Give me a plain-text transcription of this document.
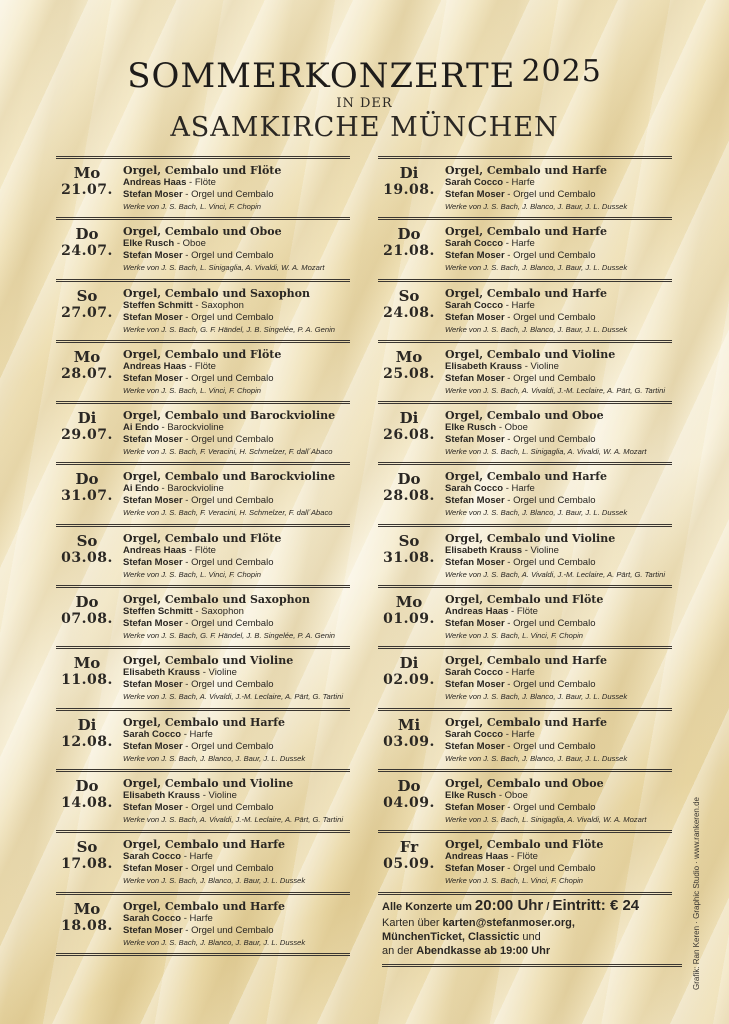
SOMMERKONZERTE 2025
IN DER
ASAMKIRCHE MÜNCHEN
Mo
21.07.
Orgel, Cembalo und Flöte
Andreas Haas - Flöte
Stefan Moser - Orgel und Cembalo
Werke von J. S. Bach, L. Vinci, F. Chopin
Do
24.07.
Orgel, Cembalo und Oboe
Elke Rusch - Oboe
Stefan Moser - Orgel und Cembalo
Werke von J. S. Bach, L. Sinigaglia, A. Vivaldi, W. A. Mozart
So
27.07.
Orgel, Cembalo und Saxophon
Steffen Schmitt - Saxophon
Stefan Moser - Orgel und Cembalo
Werke von J. S. Bach, G. F. Händel, J. B. Singelée, P. A. Genin
Mo
28.07.
Orgel, Cembalo und Flöte
Andreas Haas - Flöte
Stefan Moser - Orgel und Cembalo
Werke von J. S. Bach, L. Vinci, F. Chopin
Di
29.07.
Orgel, Cembalo und Barockvioline
Ai Endo - Barockvioline
Stefan Moser - Orgel und Cembalo
Werke von J. S. Bach, F. Veracini, H. Schmelzer, F. dall´Abaco
Do
31.07.
Orgel, Cembalo und Barockvioline
Ai Endo - Barockvioline
Stefan Moser - Orgel und Cembalo
Werke von J. S. Bach, F. Veracini, H. Schmelzer, F. dall´Abaco
So
03.08.
Orgel, Cembalo und Flöte
Andreas Haas - Flöte
Stefan Moser - Orgel und Cembalo
Werke von J. S. Bach, L. Vinci, F. Chopin
Do
07.08.
Orgel, Cembalo und Saxophon
Steffen Schmitt - Saxophon
Stefan Moser - Orgel und Cembalo
Werke von J. S. Bach, G. F. Händel, J. B. Singelée, P. A. Genin
Mo
11.08.
Orgel, Cembalo und Violine
Elisabeth Krauss - Violine
Stefan Moser - Orgel und Cembalo
Werke von J. S. Bach, A. Vivaldi, J.-M. Leclaire, A. Pärt, G. Tartini
Di
12.08.
Orgel, Cembalo und Harfe
Sarah Cocco - Harfe
Stefan Moser - Orgel und Cembalo
Werke von J. S. Bach, J. Blanco, J. Baur, J. L. Dussek
Do
14.08.
Orgel, Cembalo und Violine
Elisabeth Krauss - Violine
Stefan Moser - Orgel und Cembalo
Werke von J. S. Bach, A. Vivaldi, J.-M. Leclaire, A. Pärt, G. Tartini
So
17.08.
Orgel, Cembalo und Harfe
Sarah Cocco - Harfe
Stefan Moser - Orgel und Cembalo
Werke von J. S. Bach, J. Blanco, J. Baur, J. L. Dussek
Mo
18.08.
Orgel, Cembalo und Harfe
Sarah Cocco - Harfe
Stefan Moser - Orgel und Cembalo
Werke von J. S. Bach, J. Blanco, J. Baur, J. L. Dussek
Di
19.08.
Orgel, Cembalo und Harfe
Sarah Cocco - Harfe
Stefan Moser - Orgel und Cembalo
Werke von J. S. Bach, J. Blanco, J. Baur, J. L. Dussek
Do
21.08.
Orgel, Cembalo und Harfe
Sarah Cocco - Harfe
Stefan Moser - Orgel und Cembalo
Werke von J. S. Bach, J. Blanco, J. Baur, J. L. Dussek
So
24.08.
Orgel, Cembalo und Harfe
Sarah Cocco - Harfe
Stefan Moser - Orgel und Cembalo
Werke von J. S. Bach, J. Blanco, J. Baur, J. L. Dussek
Mo
25.08.
Orgel, Cembalo und Violine
Elisabeth Krauss - Violine
Stefan Moser - Orgel und Cembalo
Werke von J. S. Bach, A. Vivaldi, J.-M. Leclaire, A. Pärt, G. Tartini
Di
26.08.
Orgel, Cembalo und Oboe
Elke Rusch - Oboe
Stefan Moser - Orgel und Cembalo
Werke von J. S. Bach, L. Sinigaglia, A. Vivaldi, W. A. Mozart
Do
28.08.
Orgel, Cembalo und Harfe
Sarah Cocco - Harfe
Stefan Moser - Orgel und Cembalo
Werke von J. S. Bach, J. Blanco, J. Baur, J. L. Dussek
So
31.08.
Orgel, Cembalo und Violine
Elisabeth Krauss - Violine
Stefan Moser - Orgel und Cembalo
Werke von J. S. Bach, A. Vivaldi, J.-M. Leclaire, A. Pärt, G. Tartini
Mo
01.09.
Orgel, Cembalo und Flöte
Andreas Haas - Flöte
Stefan Moser - Orgel und Cembalo
Werke von J. S. Bach, L. Vinci, F. Chopin
Di
02.09.
Orgel, Cembalo und Harfe
Sarah Cocco - Harfe
Stefan Moser - Orgel und Cembalo
Werke von J. S. Bach, J. Blanco, J. Baur, J. L. Dussek
Mi
03.09.
Orgel, Cembalo und Harfe
Sarah Cocco - Harfe
Stefan Moser - Orgel und Cembalo
Werke von J. S. Bach, J. Blanco, J. Baur, J. L. Dussek
Do
04.09.
Orgel, Cembalo und Oboe
Elke Rusch - Oboe
Stefan Moser - Orgel und Cembalo
Werke von J. S. Bach, L. Sinigaglia, A. Vivaldi, W. A. Mozart
Fr
05.09.
Orgel, Cembalo und Flöte
Andreas Haas - Flöte
Stefan Moser - Orgel und Cembalo
Werke von J. S. Bach, L. Vinci, F. Chopin
Alle Konzerte um 20:00 Uhr / Eintritt: € 24
Karten über karten@stefanmoser.org,
MünchenTicket, Classictic und
an der Abendkasse ab 19:00 Uhr	Grafik: Ran Keren · Graphic Studio · www.rankeren.de
